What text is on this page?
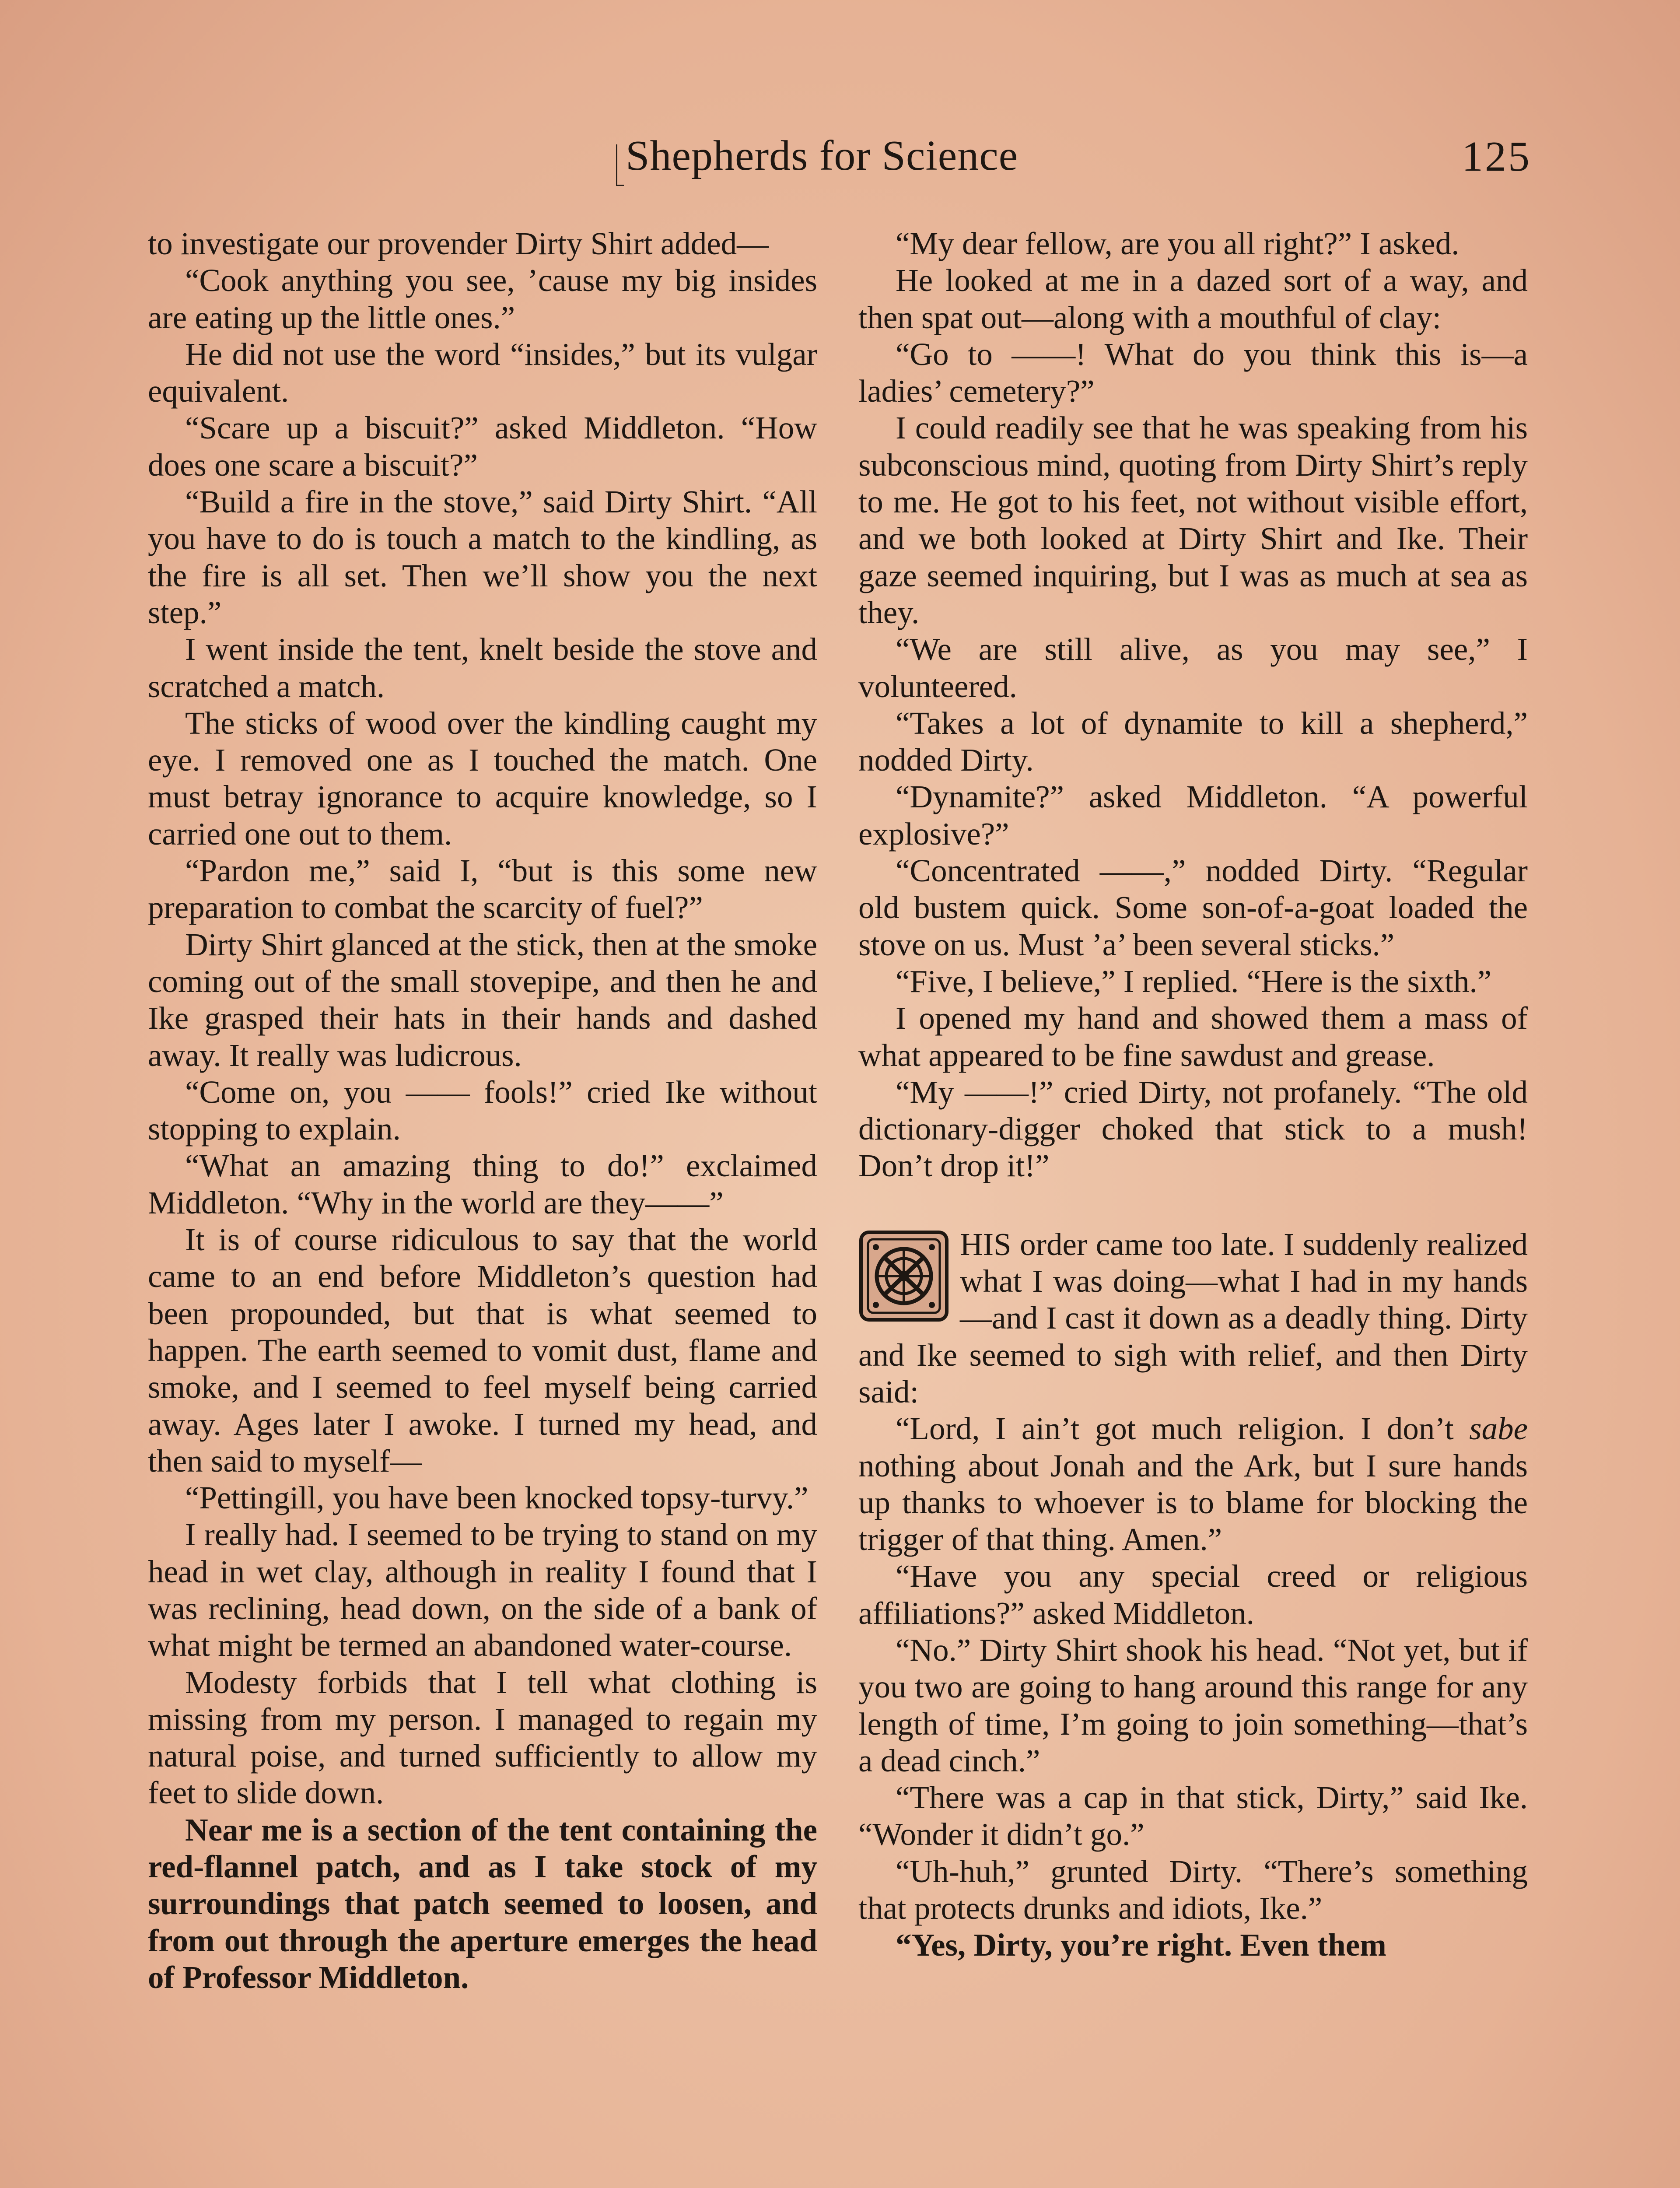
Shepherds for Science	125

to investigate our provender Dirty Shirt added—

“Cook anything you see, ’cause my big insides are eating up the little ones.”

He did not use the word “insides,” but its vulgar equivalent.

“Scare up a biscuit?” asked Middleton. “How does one scare a biscuit?”

“Build a fire in the stove,” said Dirty Shirt. “All you have to do is touch a match to the kindling, as the fire is all set. Then we’ll show you the next step.”

I went inside the tent, knelt beside the stove and scratched a match.

The sticks of wood over the kindling caught my eye. I removed one as I touched the match. One must betray ignorance to acquire knowledge, so I carried one out to them.

“Pardon me,” said I, “but is this some new preparation to combat the scarcity of fuel?”

Dirty Shirt glanced at the stick, then at the smoke coming out of the small stovepipe, and then he and Ike grasped their hats in their hands and dashed away. It really was ludicrous.

“Come on, you —— fools!” cried Ike without stopping to explain.

“What an amazing thing to do!” exclaimed Middleton. “Why in the world are they——”

It is of course ridiculous to say that the world came to an end before Middleton’s question had been propounded, but that is what seemed to happen. The earth seemed to vomit dust, flame and smoke, and I seemed to feel myself being carried away. Ages later I awoke. I turned my head, and then said to myself—

“Pettingill, you have been knocked topsy-turvy.”

I really had. I seemed to be trying to stand on my head in wet clay, although in reality I found that I was reclining, head down, on the side of a bank of what might be termed an abandoned water-course.

Modesty forbids that I tell what clothing is missing from my person. I managed to regain my natural poise, and turned sufficiently to allow my feet to slide down.

Near me is a section of the tent containing the red-flannel patch, and as I take stock of my surroundings that patch seemed to loosen, and from out through the aperture emerges the head of Professor Middleton.

“My dear fellow, are you all right?” I asked.

He looked at me in a dazed sort of a way, and then spat out—along with a mouthful of clay:

“Go to ——! What do you think this is—a ladies’ cemetery?”

I could readily see that he was speaking from his subconscious mind, quoting from Dirty Shirt’s reply to me. He got to his feet, not without visible effort, and we both looked at Dirty Shirt and Ike. Their gaze seemed inquiring, but I was as much at sea as they.

“We are still alive, as you may see,” I volunteered.

“Takes a lot of dynamite to kill a shepherd,” nodded Dirty.

“Dynamite?” asked Middleton. “A powerful explosive?”

“Concentrated ——,” nodded Dirty. “Regular old bustem quick. Some son-of-a-goat loaded the stove on us. Must ’a’ been several sticks.”

“Five, I believe,” I replied. “Here is the sixth.”

I opened my hand and showed them a mass of what appeared to be fine sawdust and grease.

“My ——!” cried Dirty, not profanely. “The old dictionary-digger choked that stick to a mush! Don’t drop it!”

HIS order came too late. I suddenly realized what I was doing—what I had in my hands—and I cast it down as a deadly thing. Dirty and Ike seemed to sigh with relief, and then Dirty said:

“Lord, I ain’t got much religion. I don’t sabe nothing about Jonah and the Ark, but I sure hands up thanks to whoever is to blame for blocking the trigger of that thing. Amen.”

“Have you any special creed or religious affiliations?” asked Middleton.

“No.” Dirty Shirt shook his head. “Not yet, but if you two are going to hang around this range for any length of time, I’m going to join something—that’s a dead cinch.”

“There was a cap in that stick, Dirty,” said Ike. “Wonder it didn’t go.”

“Uh-huh,” grunted Dirty. “There’s something that protects drunks and idiots, Ike.”

“Yes, Dirty, you’re right. Even them
